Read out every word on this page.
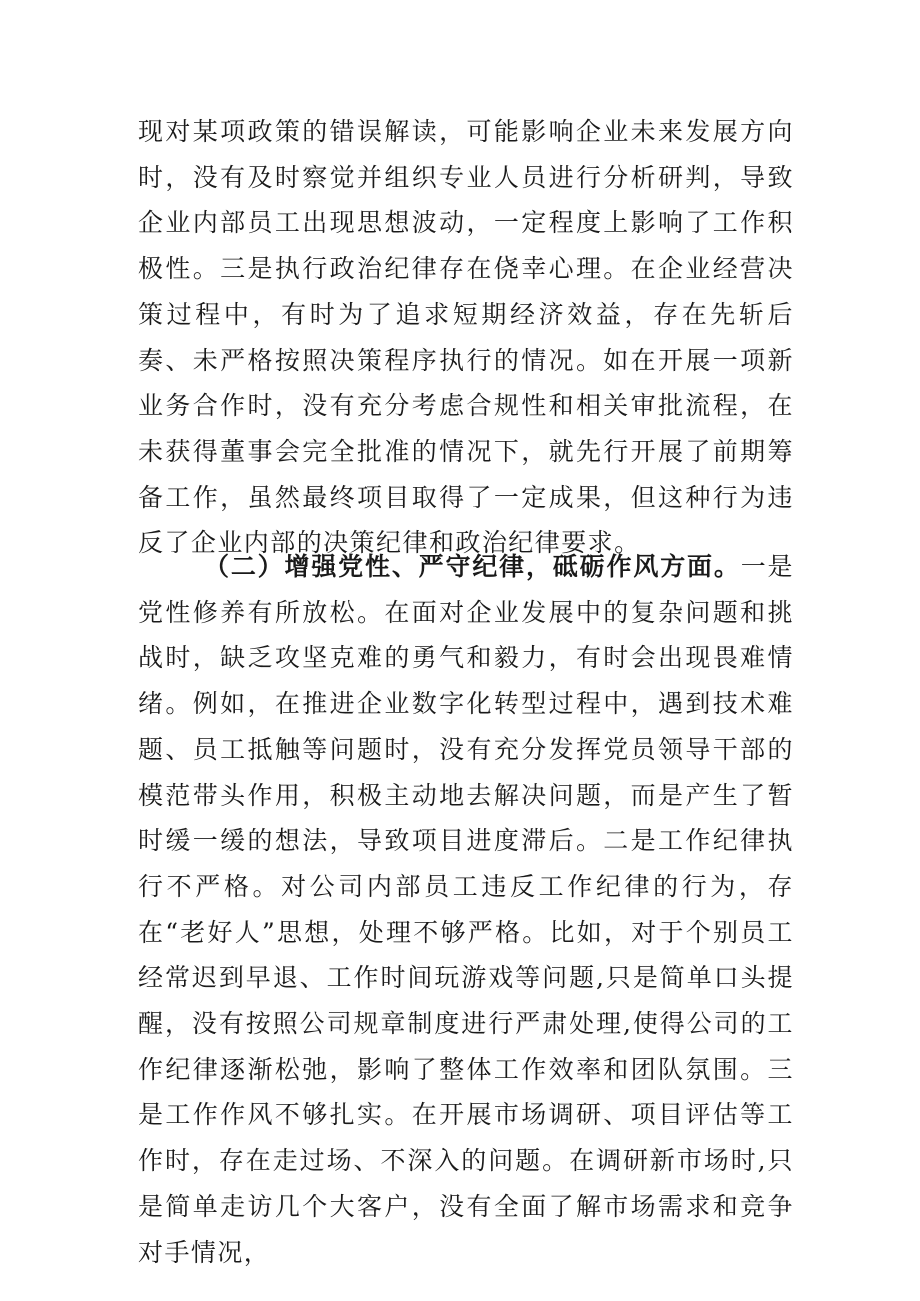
现对某项政策的错误解读，可能影响企业未来发展方向时，没有及时察觉并组织专业人员进行分析研判，导致企业内部员工出现思想波动，一定程度上影响了工作积极性。三是执行政治纪律存在侥幸心理。在企业经营决策过程中，有时为了追求短期经济效益，存在先斩后奏、未严格按照决策程序执行的情况。如在开展一项新业务合作时，没有充分考虑合规性和相关审批流程，在未获得董事会完全批准的情况下，就先行开展了前期筹备工作，虽然最终项目取得了一定成果，但这种行为违反了企业内部的决策纪律和政治纪律要求。

（二）增强党性、严守纪律，砥砺作风方面。一是党性修养有所放松。在面对企业发展中的复杂问题和挑战时，缺乏攻坚克难的勇气和毅力，有时会出现畏难情绪。例如，在推进企业数字化转型过程中，遇到技术难题、员工抵触等问题时，没有充分发挥党员领导干部的模范带头作用，积极主动地去解决问题，而是产生了暂时缓一缓的想法，导致项目进度滞后。二是工作纪律执行不严格。对公司内部员工违反工作纪律的行为，存在“老好人”思想，处理不够严格。比如，对于个别员工经常迟到早退、工作时间玩游戏等问题,只是简单口头提醒，没有按照公司规章制度进行严肃处理,使得公司的工作纪律逐渐松弛，影响了整体工作效率和团队氛围。三是工作作风不够扎实。在开展市场调研、项目评估等工作时，存在走过场、不深入的问题。在调研新市场时,只是简单走访几个大客户，没有全面了解市场需求和竞争对手情况，
